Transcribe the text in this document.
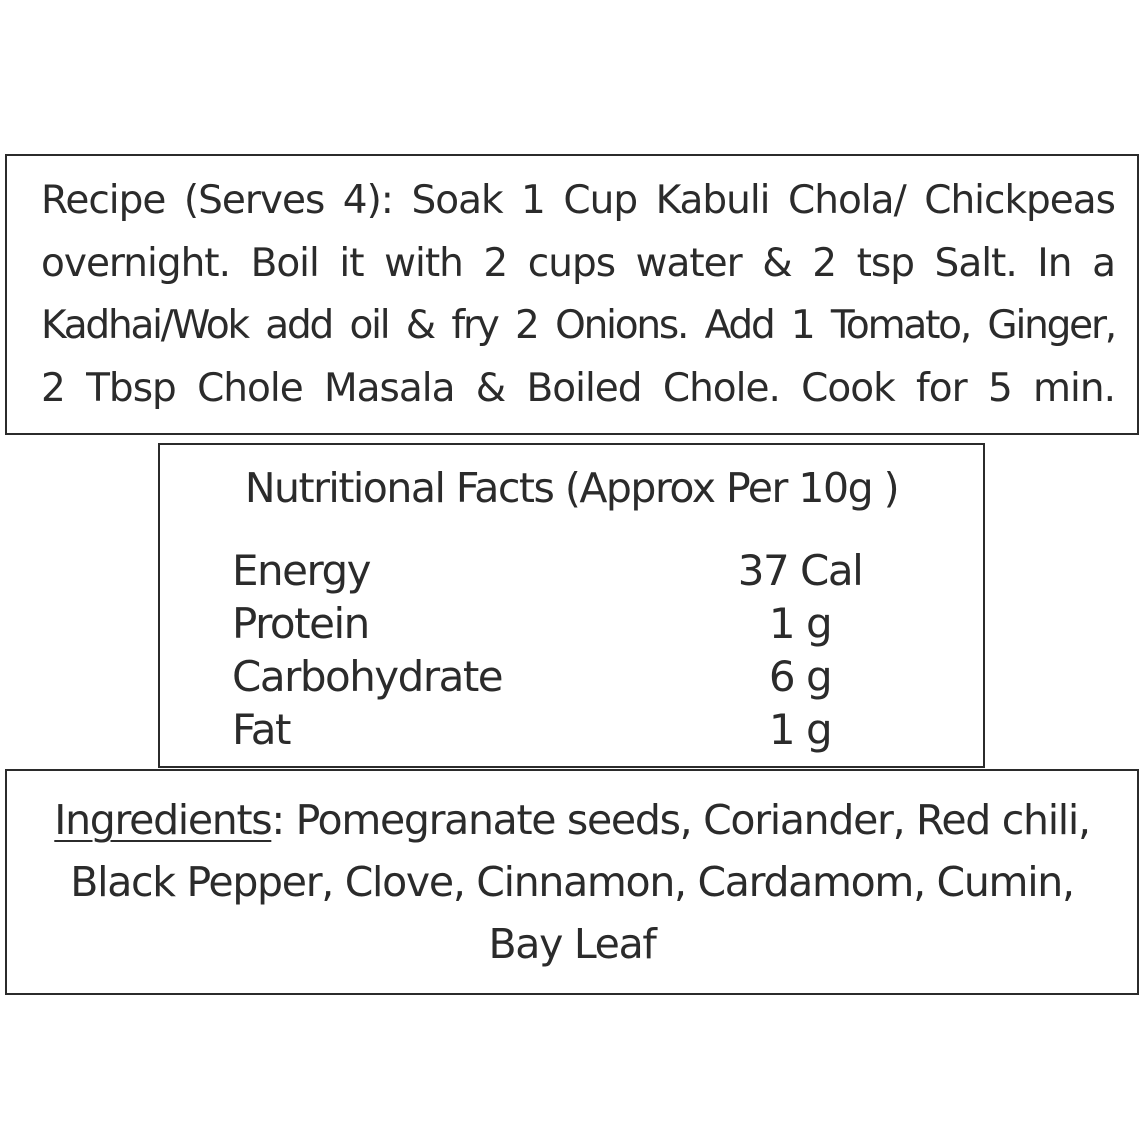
Recipe (Serves 4): Soak 1 Cup Kabuli Chola/ Chickpeas
overnight. Boil it with 2 cups water & 2 tsp Salt. In a
Kadhai/Wok add oil & fry 2 Onions. Add 1 Tomato, Ginger,
2 Tbsp Chole Masala & Boiled Chole. Cook for 5 min.
Nutritional Facts (Approx Per 10g )
Energy	37 Cal
Protein	1 g
Carbohydrate	6 g
Fat	1 g
Ingredients: Pomegranate seeds, Coriander, Red chili,
Black Pepper, Clove, Cinnamon, Cardamom, Cumin,
Bay Leaf
